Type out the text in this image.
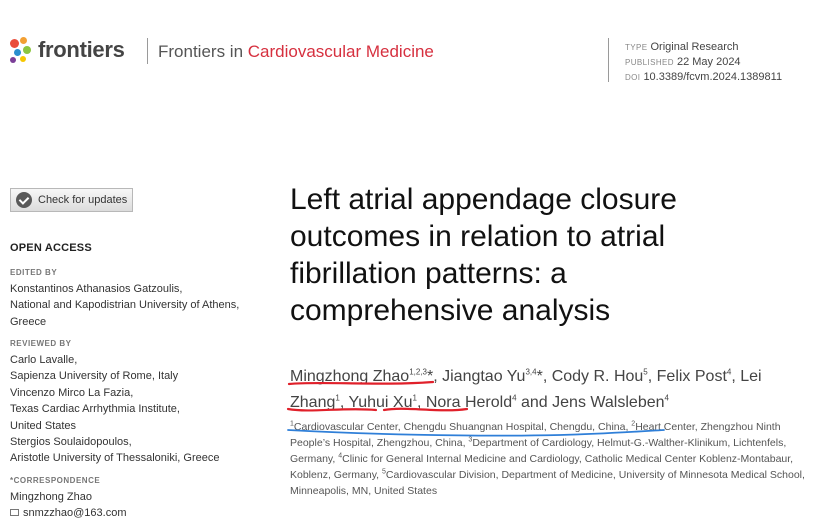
frontiers Frontiers in Cardiovascular Medicine	TYPE Original Research
PUBLISHED 22 May 2024
DOI 10.3389/fcvm.2024.1389811
Check for updates
OPEN ACCESS
EDITED BY
Konstantinos Athanasios Gatzoulis,
National and Kapodistrian University of Athens,
Greece
REVIEWED BY
Carlo Lavalle,
Sapienza University of Rome, Italy
Vincenzo Mirco La Fazia,
Texas Cardiac Arrhythmia Institute,
United States
Stergios Soulaidopoulos,
Aristotle University of Thessaloniki, Greece
*CORRESPONDENCE
Mingzhong Zhao
snmzzhao@163.com
Left atrial appendage closure
outcomes in relation to atrial
fibrillation patterns: a
comprehensive analysis
Mingzhong Zhao$^{1,2,3}$*, Jiangtao Yu$^{3,4}$*, Cody R. Hou$^5$, Felix Post$^4$, Lei Zhang$^1$, Yuhui Xu$^1$, Nora Herold$^4$ and Jens Walsleben$^4$
$^1$Cardiovascular Center, Chengdu Shuangnan Hospital, Chengdu, China, $^2$Heart Center, Zhengzhou Ninth People’s Hospital, Zhengzhou, China, $^3$Department of Cardiology, Helmut-G.-Walther-Klinikum, Lichtenfels, Germany, $^4$Clinic for General Internal Medicine and Cardiology, Catholic Medical Center Koblenz-Montabaur, Koblenz, Germany, $^5$Cardiovascular Division, Department of Medicine, University of Minnesota Medical School, Minneapolis, MN, United States
